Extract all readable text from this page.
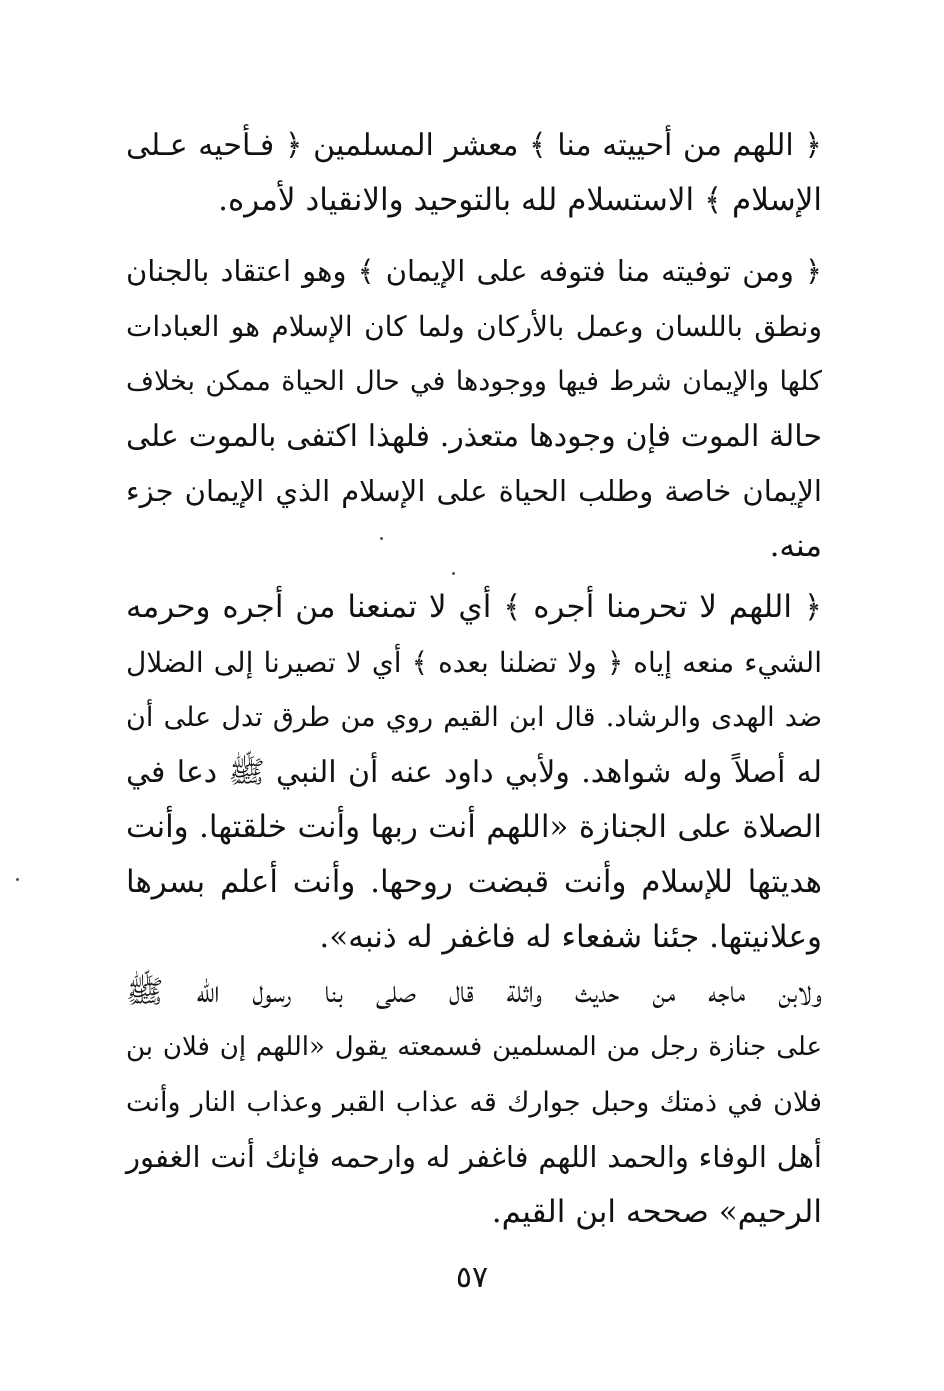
﴿ اللهم من أحييته منا ﴾ معشر المسلمين ﴿ فـأحيه عـلى
الإسلام ﴾ الاستسلام لله بالتوحيد والانقياد لأمره.
﴿ ومن توفيته منا فتوفه على الإيمان ﴾ وهو اعتقاد بالجنان
ونطق باللسان وعمل بالأركان ولما كان الإسلام هو العبادات
كلها والإيمان شرط فيها ووجودها في حال الحياة ممكن بخلاف
حالة الموت فإن وجودها متعذر. فلهذا اكتفى بالموت على
الإيمان خاصة وطلب الحياة على الإسلام الذي الإيمان جزء
منه.
﴿ اللهم لا تحرمنا أجره ﴾ أي لا تمنعنا من أجره وحرمه
الشيء منعه إياه ﴿ ولا تضلنا بعده ﴾ أي لا تصيرنا إلى الضلال
ضد الهدى والرشاد. قال ابن القيم روي من طرق تدل على أن
له أصلاً وله شواهد. ولأبي داود عنه أن النبي ﷺ دعا في
الصلاة على الجنازة «اللهم أنت ربها وأنت خلقتها. وأنت
هديتها للإسلام وأنت قبضت روحها. وأنت أعلم بسرها
وعلانيتها. جئنا شفعاء له فاغفر له ذنبه».
ولابن ماجه من حديث واثلة قال صلى بنا رسول الله ﷺ
على جنازة رجل من المسلمين فسمعته يقول «اللهم إن فلان بن
فلان في ذمتك وحبل جوارك قه عذاب القبر وعذاب النار وأنت
أهل الوفاء والحمد اللهم فاغفر له وارحمه فإنك أنت الغفور
الرحيم» صححه ابن القيم.
٥٧
